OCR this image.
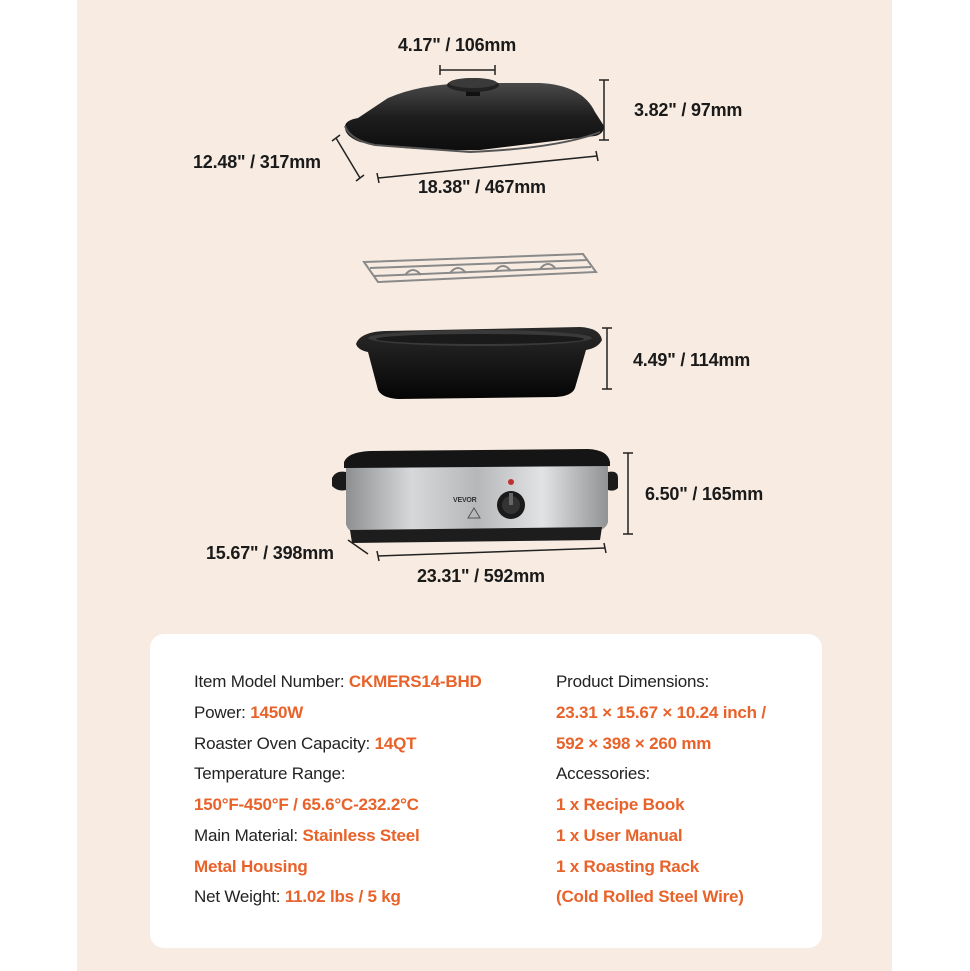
VEVOR
4.17" / 106mm
3.82" / 97mm
12.48" / 317mm
18.38" / 467mm
4.49" / 114mm
6.50" / 165mm
15.67" / 398mm
23.31" / 592mm
Item Model Number: CKMERS14-BHD
Power: 1450W
Roaster Oven Capacity: 14QT
Temperature Range:
150°F-450°F / 65.6°C-232.2°C
Main Material: Stainless Steel
Metal Housing
Net Weight: 11.02 lbs / 5 kg
Product Dimensions:
23.31 × 15.67 × 10.24 inch /
592 × 398 × 260 mm
Accessories:
1 x Recipe Book
1 x User Manual
1 x Roasting Rack
(Cold Rolled Steel Wire)
